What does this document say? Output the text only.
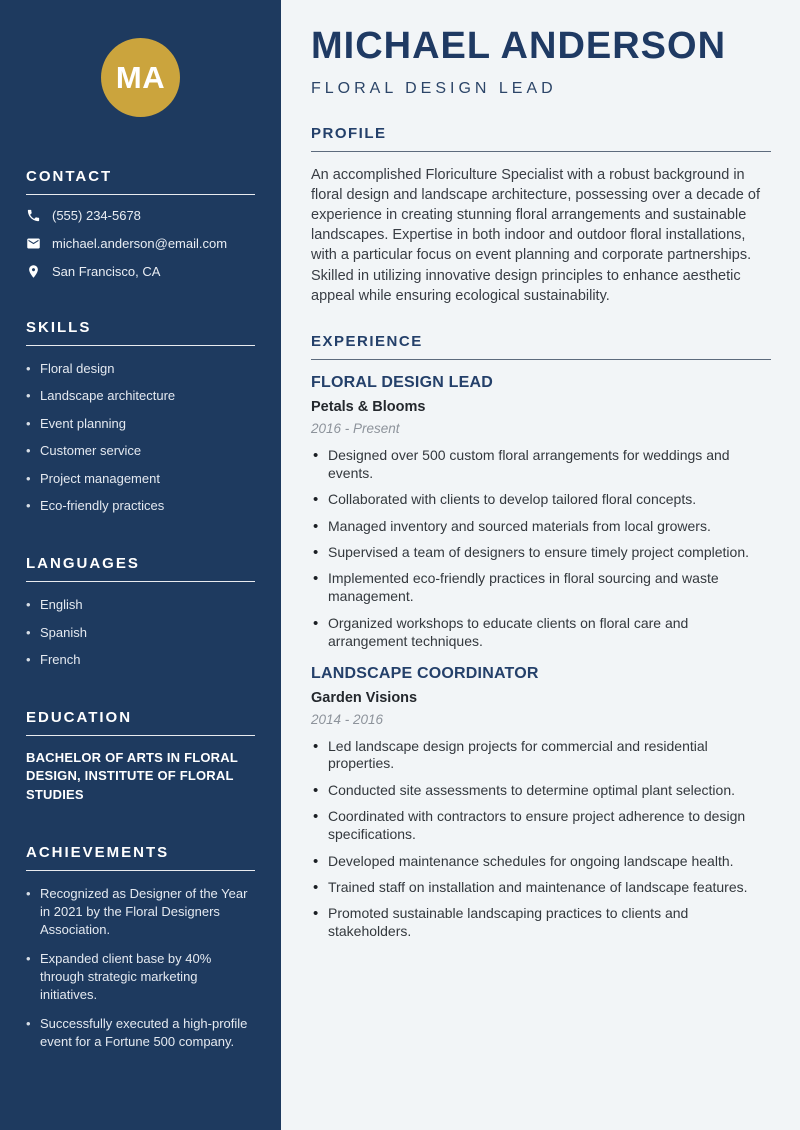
MA
CONTACT
(555) 234-5678
michael.anderson@email.com
San Francisco, CA
SKILLS
• Floral design
• Landscape architecture
• Event planning
• Customer service
• Project management
• Eco-friendly practices
LANGUAGES
• English
• Spanish
• French
EDUCATION
BACHELOR OF ARTS IN FLORAL DESIGN, INSTITUTE OF FLORAL STUDIES
ACHIEVEMENTS
• Recognized as Designer of the Year in 2021 by the Floral Designers Association.
• Expanded client base by 40% through strategic marketing initiatives.
• Successfully executed a high-profile event for a Fortune 500 company.
MICHAEL ANDERSON
FLORAL DESIGN LEAD
PROFILE

An accomplished Floriculture Specialist with a robust background in floral design and landscape architecture, possessing over a decade of experience in creating stunning floral arrangements and sustainable landscapes. Expertise in both indoor and outdoor floral installations, with a particular focus on event planning and corporate partnerships. Skilled in utilizing innovative design principles to enhance aesthetic appeal while ensuring ecological sustainability.

EXPERIENCE
FLORAL DESIGN LEAD
Petals & Blooms
2016 - Present
• Designed over 500 custom floral arrangements for weddings and events.
• Collaborated with clients to develop tailored floral concepts.
• Managed inventory and sourced materials from local growers.
• Supervised a team of designers to ensure timely project completion.
• Implemented eco-friendly practices in floral sourcing and waste management.
• Organized workshops to educate clients on floral care and arrangement techniques.
LANDSCAPE COORDINATOR
Garden Visions
2014 - 2016
• Led landscape design projects for commercial and residential properties.
• Conducted site assessments to determine optimal plant selection.
• Coordinated with contractors to ensure project adherence to design specifications.
• Developed maintenance schedules for ongoing landscape health.
• Trained staff on installation and maintenance of landscape features.
• Promoted sustainable landscaping practices to clients and stakeholders.
